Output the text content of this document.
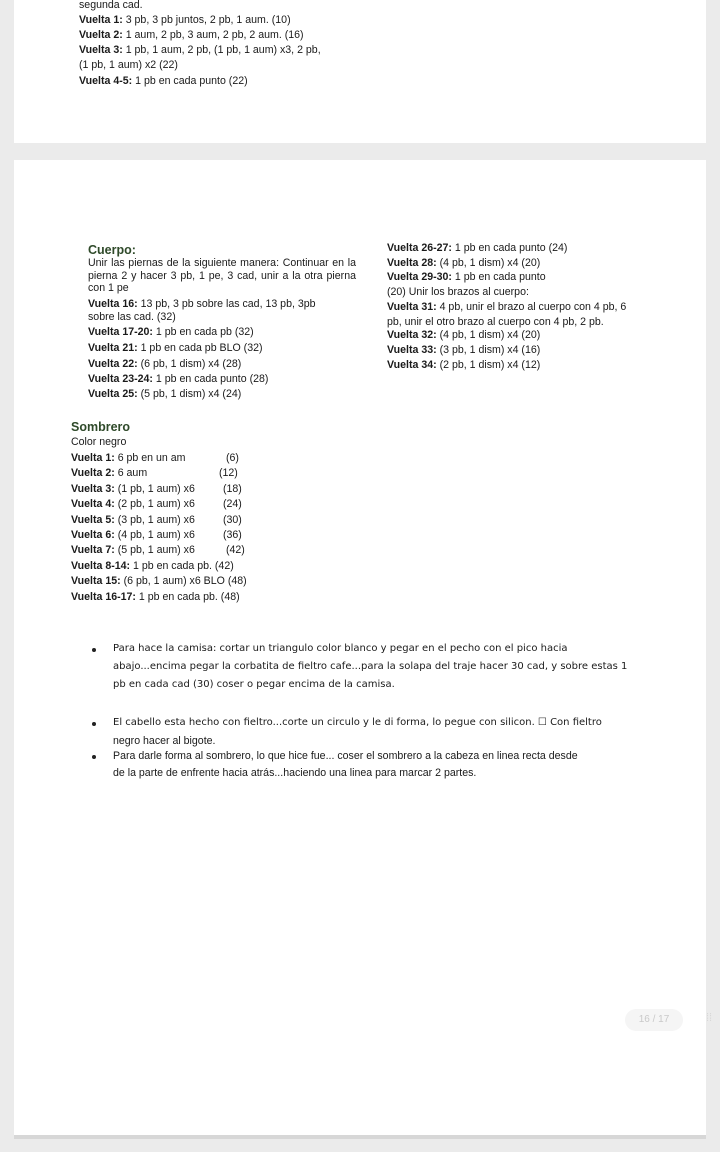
segunda cad.
Vuelta 1: 3 pb, 3 pb juntos, 2 pb, 1 aum. (10)
Vuelta 2: 1 aum, 2 pb, 3 aum, 2 pb, 2 aum. (16)
Vuelta 3: 1 pb, 1 aum, 2 pb, (1 pb, 1 aum) x3, 2 pb,
(1 pb, 1 aum) x2 (22)
Vuelta 4-5: 1 pb en cada punto (22)
Cuerpo:
Unir las piernas de la siguiente manera: Continuar en la pierna 2 y hacer 3 pb, 1 pe, 3 cad, unir a la otra pierna con 1 pe
Vuelta 16: 13 pb, 3 pb sobre las cad, 13 pb, 3pb
sobre las cad. (32)
Vuelta 17-20: 1 pb en cada pb (32)
Vuelta 21: 1 pb en cada pb BLO (32)
Vuelta 22: (6 pb, 1 dism) x4 (28)
Vuelta 23-24: 1 pb en cada punto (28)
Vuelta 25: (5 pb, 1 dism) x4 (24)
Vuelta 26-27: 1 pb en cada punto (24)
Vuelta 28: (4 pb, 1 dism) x4 (20)
Vuelta 29-30: 1 pb en cada punto
(20) Unir los brazos al cuerpo:
Vuelta 31: 4 pb, unir el brazo al cuerpo con 4 pb, 6
pb, unir el otro brazo al cuerpo con 4 pb, 2 pb.
Vuelta 32: (4 pb, 1 dism) x4 (20)
Vuelta 33: (3 pb, 1 dism) x4 (16)
Vuelta 34: (2 pb, 1 dism) x4 (12)
Sombrero
Color negro
Vuelta 1: 6 pb en un am	(6)
Vuelta 2: 6 aum	(12)
Vuelta 3: (1 pb, 1 aum) x6	(18)
Vuelta 4: (2 pb, 1 aum) x6	(24)
Vuelta 5: (3 pb, 1 aum) x6	(30)
Vuelta 6: (4 pb, 1 aum) x6	(36)
Vuelta 7: (5 pb, 1 aum) x6	(42)
Vuelta 8-14: 1 pb en cada pb. (42)
Vuelta 15: (6 pb, 1 aum) x6 BLO (48)
Vuelta 16-17: 1 pb en cada pb. (48)
Para hace la camisa: cortar un triangulo color blanco y pegar en el pecho con el pico hacia
abajo...encima pegar la corbatita de fieltro cafe...para la solapa del traje hacer 30 cad, y sobre estas 1
pb en cada cad (30) coser o pegar encima de la camisa.
El cabello esta hecho con fieltro...corte un circulo y le di forma, lo pegue con silicon. ☐ Con fieltro
negro hacer al bigote.
Para darle forma al sombrero, lo que hice fue... coser el sombrero a la cabeza en linea recta desde
de la parte de enfrente hacia atrás...haciendo una linea para marcar 2 partes.
16 / 17	⁞⁞
